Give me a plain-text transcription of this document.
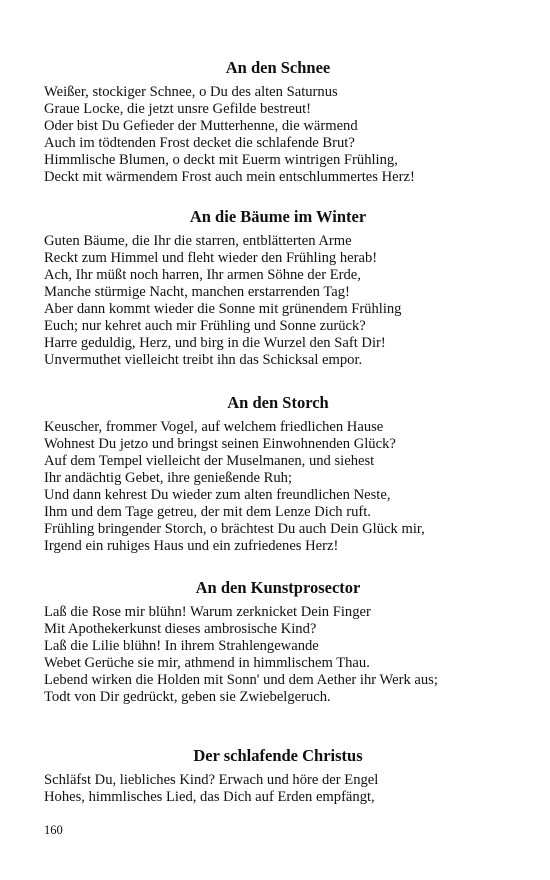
An den Schnee
Weißer, stockiger Schnee, o Du des alten Saturnus
Graue Locke, die jetzt unsre Gefilde bestreut!
Oder bist Du Gefieder der Mutterhenne, die wärmend
Auch im tödtenden Frost decket die schlafende Brut?
Himmlische Blumen, o deckt mit Euerm wintrigen Frühling,
Deckt mit wärmendem Frost auch mein entschlummertes Herz!
An die Bäume im Winter
Guten Bäume, die Ihr die starren, entblätterten Arme
Reckt zum Himmel und fleht wieder den Frühling herab!
Ach, Ihr müßt noch harren, Ihr armen Söhne der Erde,
Manche stürmige Nacht, manchen erstarrenden Tag!
Aber dann kommt wieder die Sonne mit grünendem Frühling
Euch; nur kehret auch mir Frühling und Sonne zurück?
Harre geduldig, Herz, und birg in die Wurzel den Saft Dir!
Unvermuthet vielleicht treibt ihn das Schicksal empor.
An den Storch
Keuscher, frommer Vogel, auf welchem friedlichen Hause
Wohnest Du jetzo und bringst seinen Einwohnenden Glück?
Auf dem Tempel vielleicht der Muselmanen, und siehest
Ihr andächtig Gebet, ihre genießende Ruh;
Und dann kehrest Du wieder zum alten freundlichen Neste,
Ihm und dem Tage getreu, der mit dem Lenze Dich ruft.
Frühling bringender Storch, o brächtest Du auch Dein Glück mir,
Irgend ein ruhiges Haus und ein zufriedenes Herz!
An den Kunstprosector
Laß die Rose mir blühn! Warum zerknicket Dein Finger
Mit Apothekerkunst dieses ambrosische Kind?
Laß die Lilie blühn! In ihrem Strahlengewande
Webet Gerüche sie mir, athmend in himmlischem Thau.
Lebend wirken die Holden mit Sonn' und dem Aether ihr Werk aus;
Todt von Dir gedrückt, geben sie Zwiebelgeruch.
Der schlafende Christus
Schläfst Du, liebliches Kind? Erwach und höre der Engel
Hohes, himmlisches Lied, das Dich auf Erden empfängt,
160
